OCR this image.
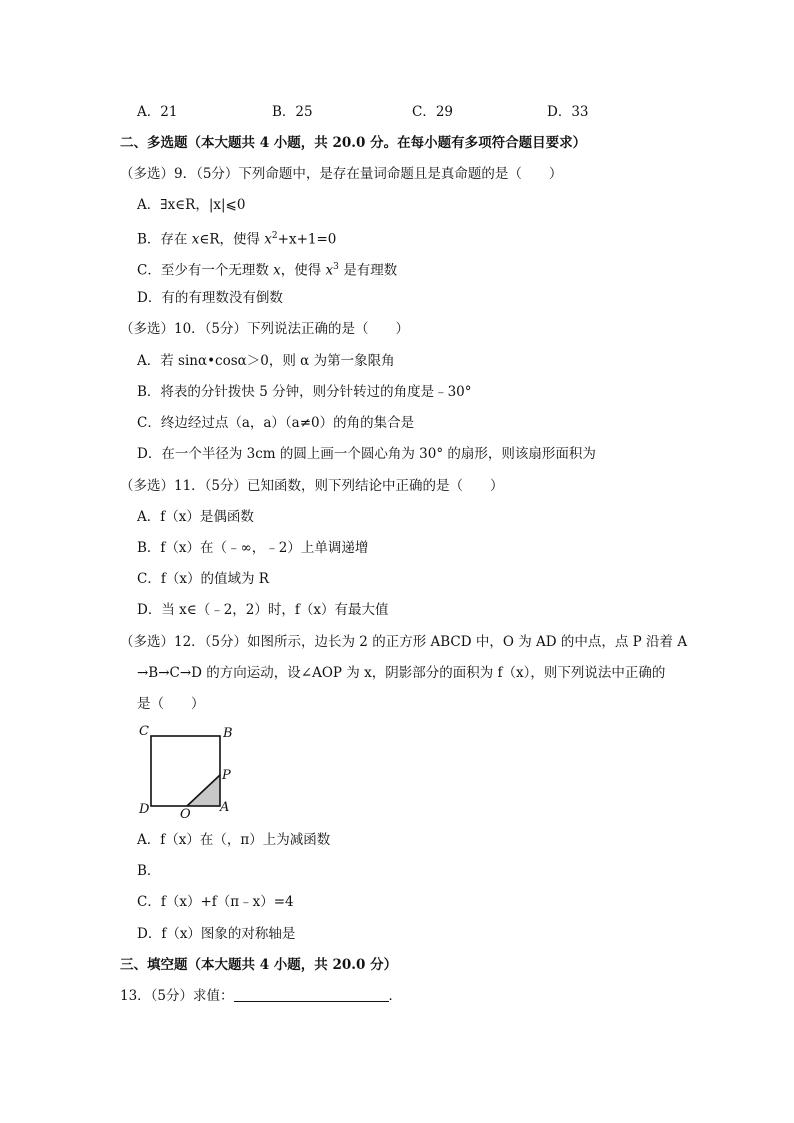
A．21	B．25	C．29	D．33
二、多选题（本大题共 4 小题，共 20.0 分。在每小题有多项符合题目要求）
（多选）9．（5分）下列命题中，是存在量词命题且是真命题的是（　　）
A．∃x∈R，|x|⩽0
B．存在 x∈R，使得 $x^2+x+1=0$
C．至少有一个无理数 x，使得 $x^3$ 是有理数
D．有的有理数没有倒数
（多选）10．（5分）下列说法正确的是（　　）
A．若 sinα•cosα＞0，则 α 为第一象限角
B．将表的分针拨快 5 分钟，则分针转过的角度是﹣30°
C．终边经过点（a，a）（a≠0）的角的集合是
D．在一个半径为 3cm 的圆上画一个圆心角为 30° 的扇形，则该扇形面积为
（多选）11．（5分）已知函数，则下列结论中正确的是（　　）
A．f（x）是偶函数
B．f（x）在（﹣∞，﹣2）上单调递增
C．f（x）的值域为 R
D．当 x∈（﹣2，2）时，f（x）有最大值
（多选）12．（5分）如图所示，边长为 2 的正方形 ABCD 中，O 为 AD 的中点，点 P 沿着 A
→B→C→D 的方向运动，设∠AOP 为 x，阴影部分的面积为 f（x），则下列说法中正确的
是（　　）
C	B
P
D O A
A．f（x）在（，π）上为减函数
B．
C．f（x）+f（π﹣x）=4
D．f（x）图象的对称轴是
三、填空题（本大题共 4 小题，共 20.0 分）
13．（5分）求值：	．
